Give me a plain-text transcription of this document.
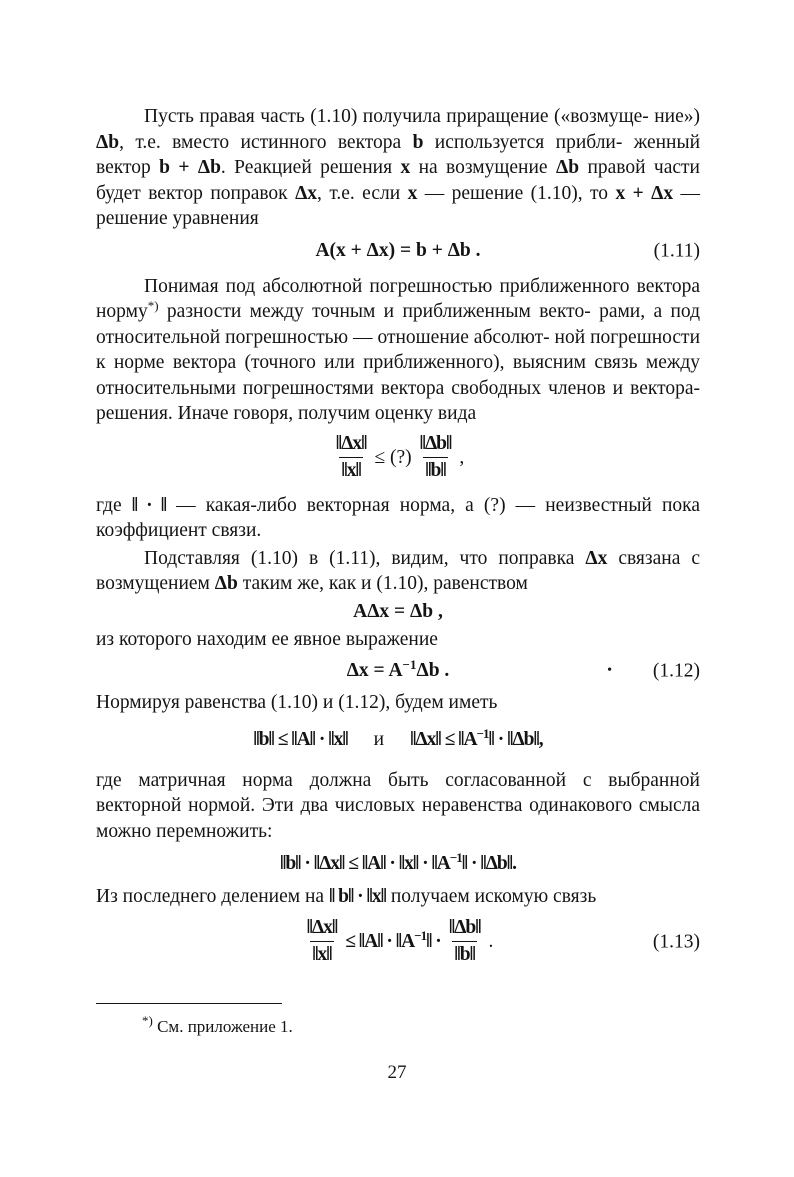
Пусть правая часть (1.10) получила приращение («возмуще- ние») Δb, т.е. вместо истинного вектора b используется прибли- женный вектор b + Δb. Реакцией решения x на возмущение Δb правой части будет вектор поправок Δx, т.е. если x — решение (1.10), то x + Δx — решение уравнения

A(x + Δx) = b + Δb .	(1.11)

Понимая под абсолютной погрешностью приближенного вектора норму*) разности между точным и приближенным векто- рами, а под относительной погрешностью — отношение абсолют- ной погрешности к норме вектора (точного или приближенного), выясним связь между относительными погрешностями вектора свободных членов и вектора-решения. Иначе говоря, получим оценку вида

$\frac{‖\Delta x‖}{‖x‖}$ ≤ (?) $\frac{‖\Delta b‖}{‖b‖}$ ,

где ‖ · ‖ — какая-либо векторная норма, а (?) — неизвестный пока коэффициент связи.

Подставляя (1.10) в (1.11), видим, что поправка Δx связана с возмущением Δb таким же, как и (1.10), равенством

AΔx = Δb ,

из которого находим ее явное выражение

$\Delta x = A^{-1}\Delta b$ .	• (1.12)

Нормируя равенства (1.10) и (1.12), будем иметь

‖b‖ ≤ ‖A‖ · ‖x‖ и ‖Δx‖ ≤ $‖A^{-1}‖$ · ‖Δb‖,

где матричная норма должна быть согласованной с выбранной векторной нормой. Эти два числовых неравенства одинакового смысла можно перемножить:

‖b‖ · ‖Δx‖ ≤ ‖A‖ · ‖x‖ · $‖A^{-1}‖$ · ‖Δb‖.

Из последнего делением на ‖ b‖ · ‖x‖ получаем искомую связь

$\frac{‖\Delta x‖}{‖x‖}$ ≤ ‖A‖ · $‖A^{-1}‖ \cdot \frac{‖\Delta b‖}{‖b‖}$ .	(1.13)
*) См. приложение 1.
27
